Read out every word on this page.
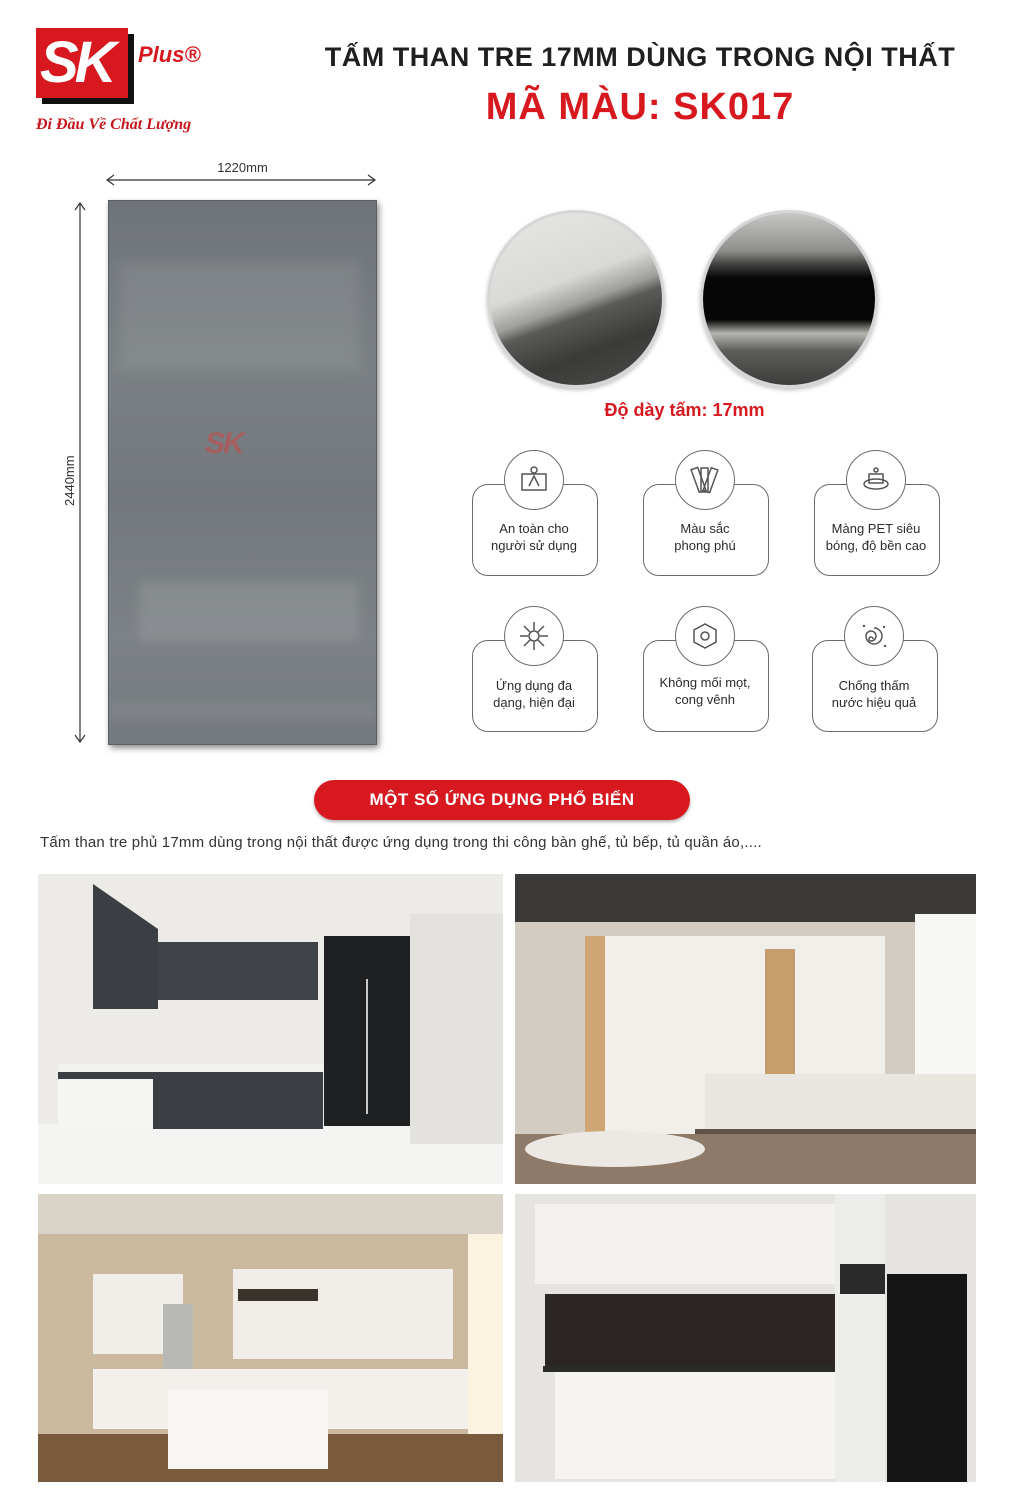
SK Plus®
Đi Đầu Về Chất Lượng
TẤM THAN TRE 17MM DÙNG TRONG NỘI THẤT
MÃ MÀU: SK017
1220mm
2440mm
SK
Độ dày tấm: 17mm
An toàn cho
người sử dụng
Màu sắc
phong phú
Màng PET siêu
bóng, độ bền cao
Ứng dụng đa
dạng, hiện đại
Không mối mọt,
cong vênh
Chống thấm
nước hiệu quả
MỘT SỐ ỨNG DỤNG PHỔ BIẾN
Tấm than tre phủ 17mm dùng trong nội thất được ứng dụng trong thi công bàn ghế, tủ bếp, tủ quần áo,....
